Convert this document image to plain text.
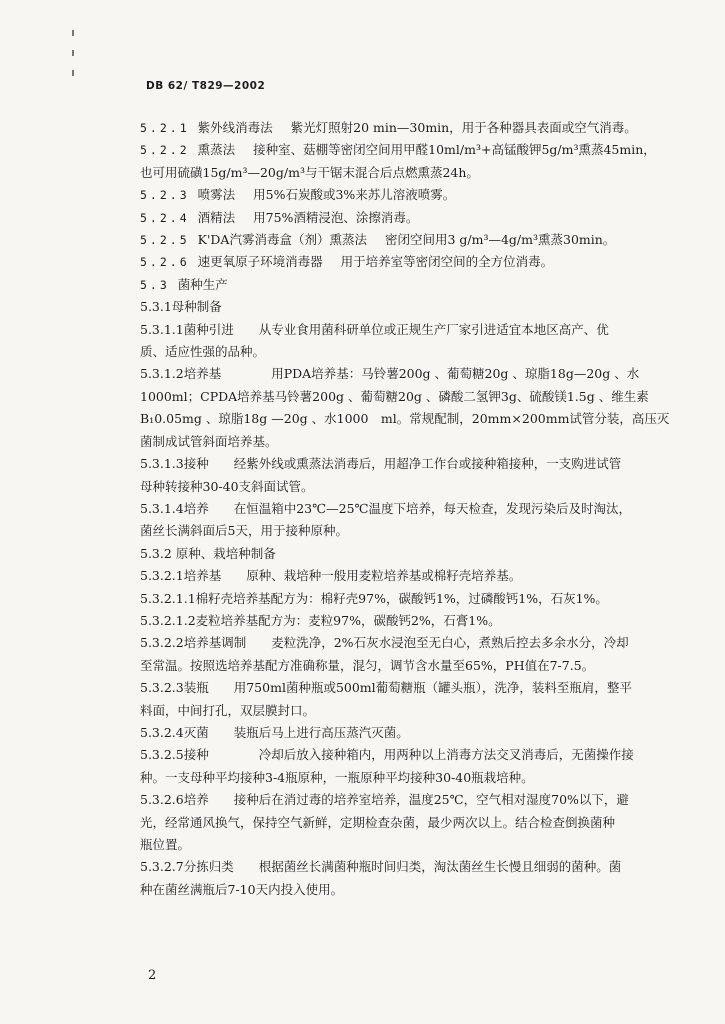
DB 62/ T829—2002
5.2.1 紫外线消毒法 紫光灯照射20 min—30min，用于各种器具表面或空气消毒。
5.2.2 熏蒸法 接种室、菇棚等密闭空间用甲醛10ml/m³+高锰酸钾5g/m³熏蒸45min，
也可用硫磺15g/m³—20g/m³与干锯末混合后点燃熏蒸24h。
5.2.3 喷雾法 用5%石炭酸或3%来苏儿溶液喷雾。
5.2.4 酒精法 用75%酒精浸泡、涂擦消毒。
5.2.5 K'DA汽雾消毒盒（剂）熏蒸法 密闭空间用3 g/m³—4g/m³熏蒸30min。
5.2.6 速更氧原子环境消毒器 用于培养室等密闭空间的全方位消毒。
5.3 菌种生产
5.3.1母种制备
5.3.1.1菌种引进　　从专业食用菌科研单位或正规生产厂家引进适宜本地区高产、优
质、适应性强的品种。
5.3.1.2培养基　　　　用PDA培养基：马铃薯200g 、葡萄糖20g 、琼脂18g—20g 、水
1000ml；CPDA培养基马铃薯200g 、葡萄糖20g 、磷酸二氢钾3g、硫酸镁1.5g 、维生素
B₁0.05mg 、琼脂18g —20g 、水1000　ml。常规配制，20mm×200mm试管分装，高压灭
菌制成试管斜面培养基。
5.3.1.3接种　　经紫外线或熏蒸法消毒后，用超净工作台或接种箱接种，一支购进试管
母种转接种30-40支斜面试管。
5.3.1.4培养　　在恒温箱中23℃—25℃温度下培养，每天检查，发现污染后及时淘汰，
菌丝长满斜面后5天，用于接种原种。
5.3.2 原种、栽培种制备
5.3.2.1培养基　　原种、栽培种一般用麦粒培养基或棉籽壳培养基。
5.3.2.1.1棉籽壳培养基配方为：棉籽壳97%，碳酸钙1%，过磷酸钙1%，石灰1%。
5.3.2.1.2麦粒培养基配方为：麦粒97%，碳酸钙2%，石膏1%。
5.3.2.2培养基调制　　麦粒洗净，2%石灰水浸泡至无白心，煮熟后控去多余水分，冷却
至常温。按照选培养基配方准确称量，混匀，调节含水量至65%，PH值在7-7.5。
5.3.2.3装瓶　　用750ml菌种瓶或500ml葡萄糖瓶（罐头瓶），洗净，装料至瓶肩，整平
料面，中间打孔，双层膜封口。
5.3.2.4灭菌　　装瓶后马上进行高压蒸汽灭菌。
5.3.2.5接种　　　　冷却后放入接种箱内，用两种以上消毒方法交叉消毒后，无菌操作接
种。一支母种平均接种3-4瓶原种，一瓶原种平均接种30-40瓶栽培种。
5.3.2.6培养　　接种后在消过毒的培养室培养，温度25℃，空气相对湿度70%以下，避
光，经常通风换气，保持空气新鲜，定期检查杂菌，最少两次以上。结合检查倒换菌种
瓶位置。
5.3.2.7分拣归类　　根据菌丝长满菌种瓶时间归类，淘汰菌丝生长慢且细弱的菌种。菌
种在菌丝满瓶后7-10天内投入使用。
2
